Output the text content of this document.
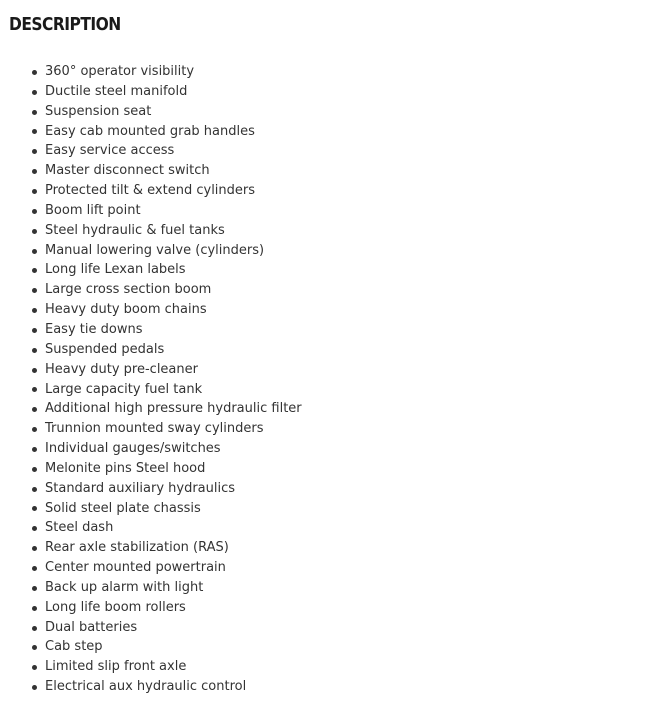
DESCRIPTION
360° operator visibility
Ductile steel manifold
Suspension seat
Easy cab mounted grab handles
Easy service access
Master disconnect switch
Protected tilt & extend cylinders
Boom lift point
Steel hydraulic & fuel tanks
Manual lowering valve (cylinders)
Long life Lexan labels
Large cross section boom
Heavy duty boom chains
Easy tie downs
Suspended pedals
Heavy duty pre-cleaner
Large capacity fuel tank
Additional high pressure hydraulic filter
Trunnion mounted sway cylinders
Individual gauges/switches
Melonite pins Steel hood
Standard auxiliary hydraulics
Solid steel plate chassis
Steel dash
Rear axle stabilization (RAS)
Center mounted powertrain
Back up alarm with light
Long life boom rollers
Dual batteries
Cab step
Limited slip front axle
Electrical aux hydraulic control
